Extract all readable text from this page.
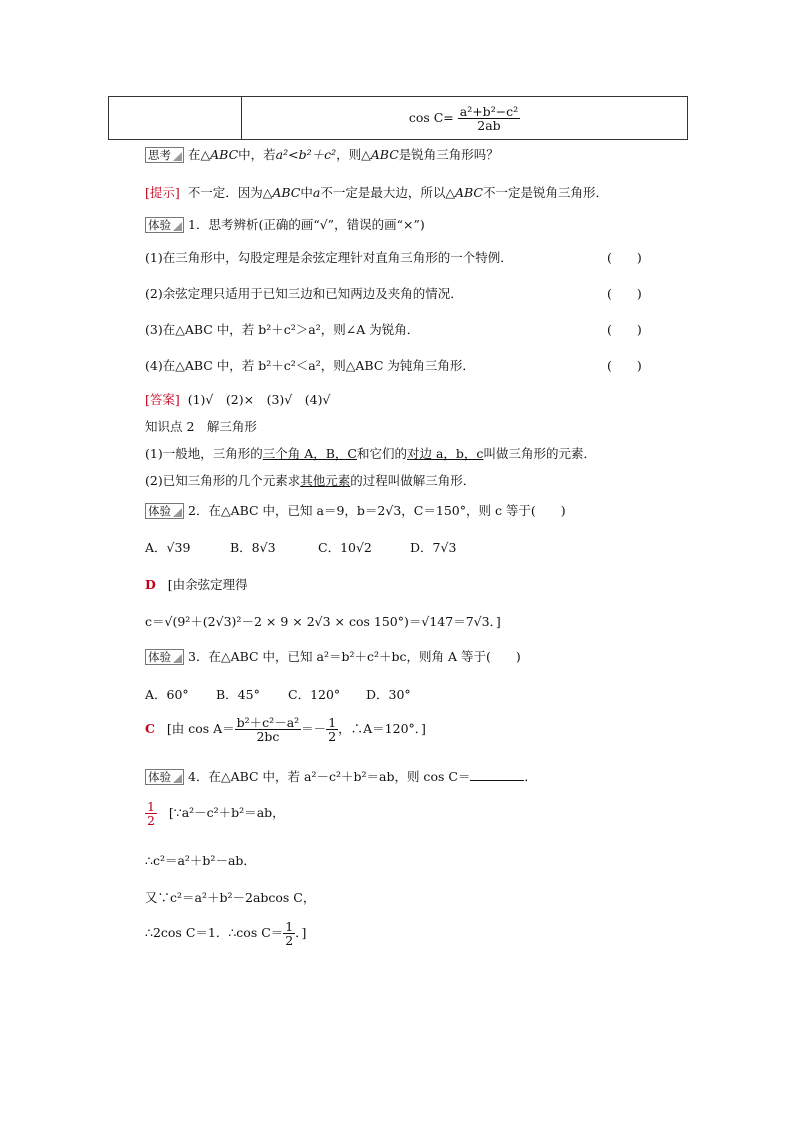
	$\cos C= \frac{\text{a²+b²−c²}}{2ab}$
思考 在△ABC中，若a²<b²＋c²，则△ABC是锐角三角形吗？
[提示] 不一定．因为△ABC中a不一定是最大边，所以△ABC不一定是锐角三角形．
体验 1．思考辨析(正确的画“√”，错误的画“×”)
(1)在三角形中，勾股定理是余弦定理针对直角三角形的一个特例．	(　　)
(2)余弦定理只适用于已知三边和已知两边及夹角的情况．	(　　)
(3)在△ABC 中，若 b²＋c²＞a²，则∠A 为锐角．	(　　)
(4)在△ABC 中，若 b²＋c²＜a²，则△ABC 为钝角三角形．	(　　)
[答案] (1)√　(2)×　(3)√　(4)√
知识点 2　解三角形
(1)一般地，三角形的三个角 A，B，C和它们的对边 a，b，c叫做三角形的元素．
(2)已知三角形的几个元素求其他元素的过程叫做解三角形．
体验 2．在△ABC 中，已知 a＝9，b＝2√3，C＝150°，则 c 等于(　　)
A．√39	B．8√3	C．10√2	D．7√3
D [由余弦定理得
c＝√(9²＋(2√3)²－2 × 9 × 2√3 × cos 150°)＝√147＝7√3．]
体验 3．在△ABC 中，已知 a²＝b²＋c²＋bc，则角 A 等于(　　)
A．60° B．45° C．120° D．30°
C [由 $\cos A= \frac{\text{b²＋c²－a²}}{2bc} =- \frac{1}{2}$ ，∴A＝120°．]
体验 4．在△ABC 中，若 a²－c²＋b²＝ab，则 cos C＝	．
$\frac{1}{2}$ [∵a²－c²＋b²＝ab，
∴c²＝a²＋b²－ab．
又∵c²＝a²＋b²－2abcos C，
∴2cos C＝1．∴cos $C= \frac{1}{2}$ ．]
